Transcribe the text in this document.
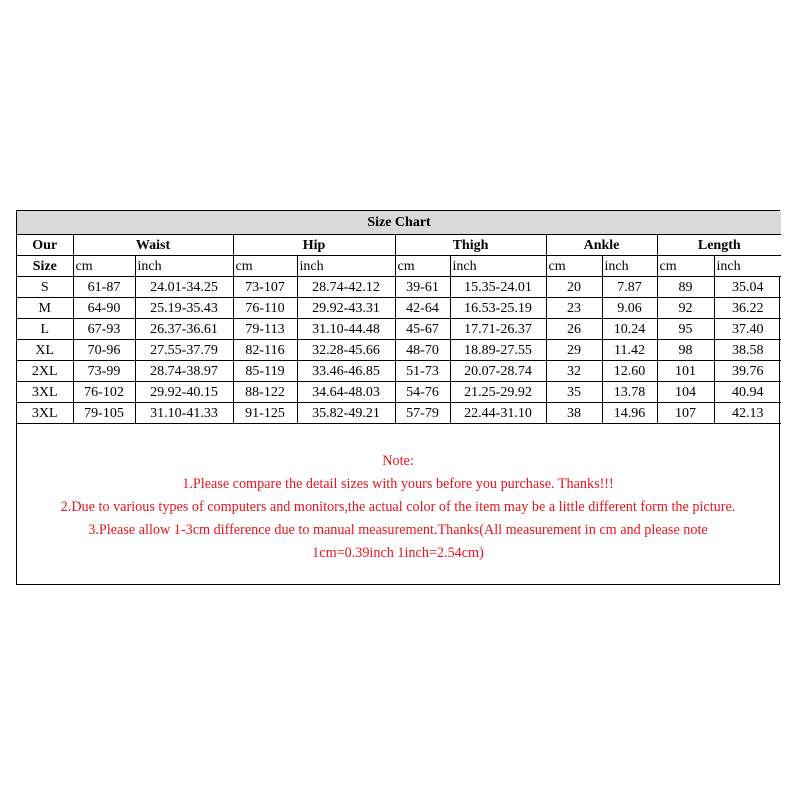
Size Chart										
Our	Waist		Hip		Thigh		Ankle		Length	
Size	cm	inch	cm	inch	cm	inch	cm	inch	cm	inch
S	61-87	24.01-34.25	73-107	28.74-42.12	39-61	15.35-24.01	20	7.87	89	35.04
M	64-90	25.19-35.43	76-110	29.92-43.31	42-64	16.53-25.19	23	9.06	92	36.22
L	67-93	26.37-36.61	79-113	31.10-44.48	45-67	17.71-26.37	26	10.24	95	37.40
XL	70-96	27.55-37.79	82-116	32.28-45.66	48-70	18.89-27.55	29	11.42	98	38.58
2XL	73-99	28.74-38.97	85-119	33.46-46.85	51-73	20.07-28.74	32	12.60	101	39.76
3XL	76-102	29.92-40.15	88-122	34.64-48.03	54-76	21.25-29.92	35	13.78	104	40.94
3XL	79-105	31.10-41.33	91-125	35.82-49.21	57-79	22.44-31.10	38	14.96	107	42.13
Note:
1.Please compare the detail sizes with yours before you purchase. Thanks!!!
2.Due to various types of computers and monitors,the actual color of the item may be a little different form the picture.
3.Please allow 1-3cm difference due to manual measurement.Thanks(All measurement in cm and please note
1cm=0.39inch 1inch=2.54cm)
